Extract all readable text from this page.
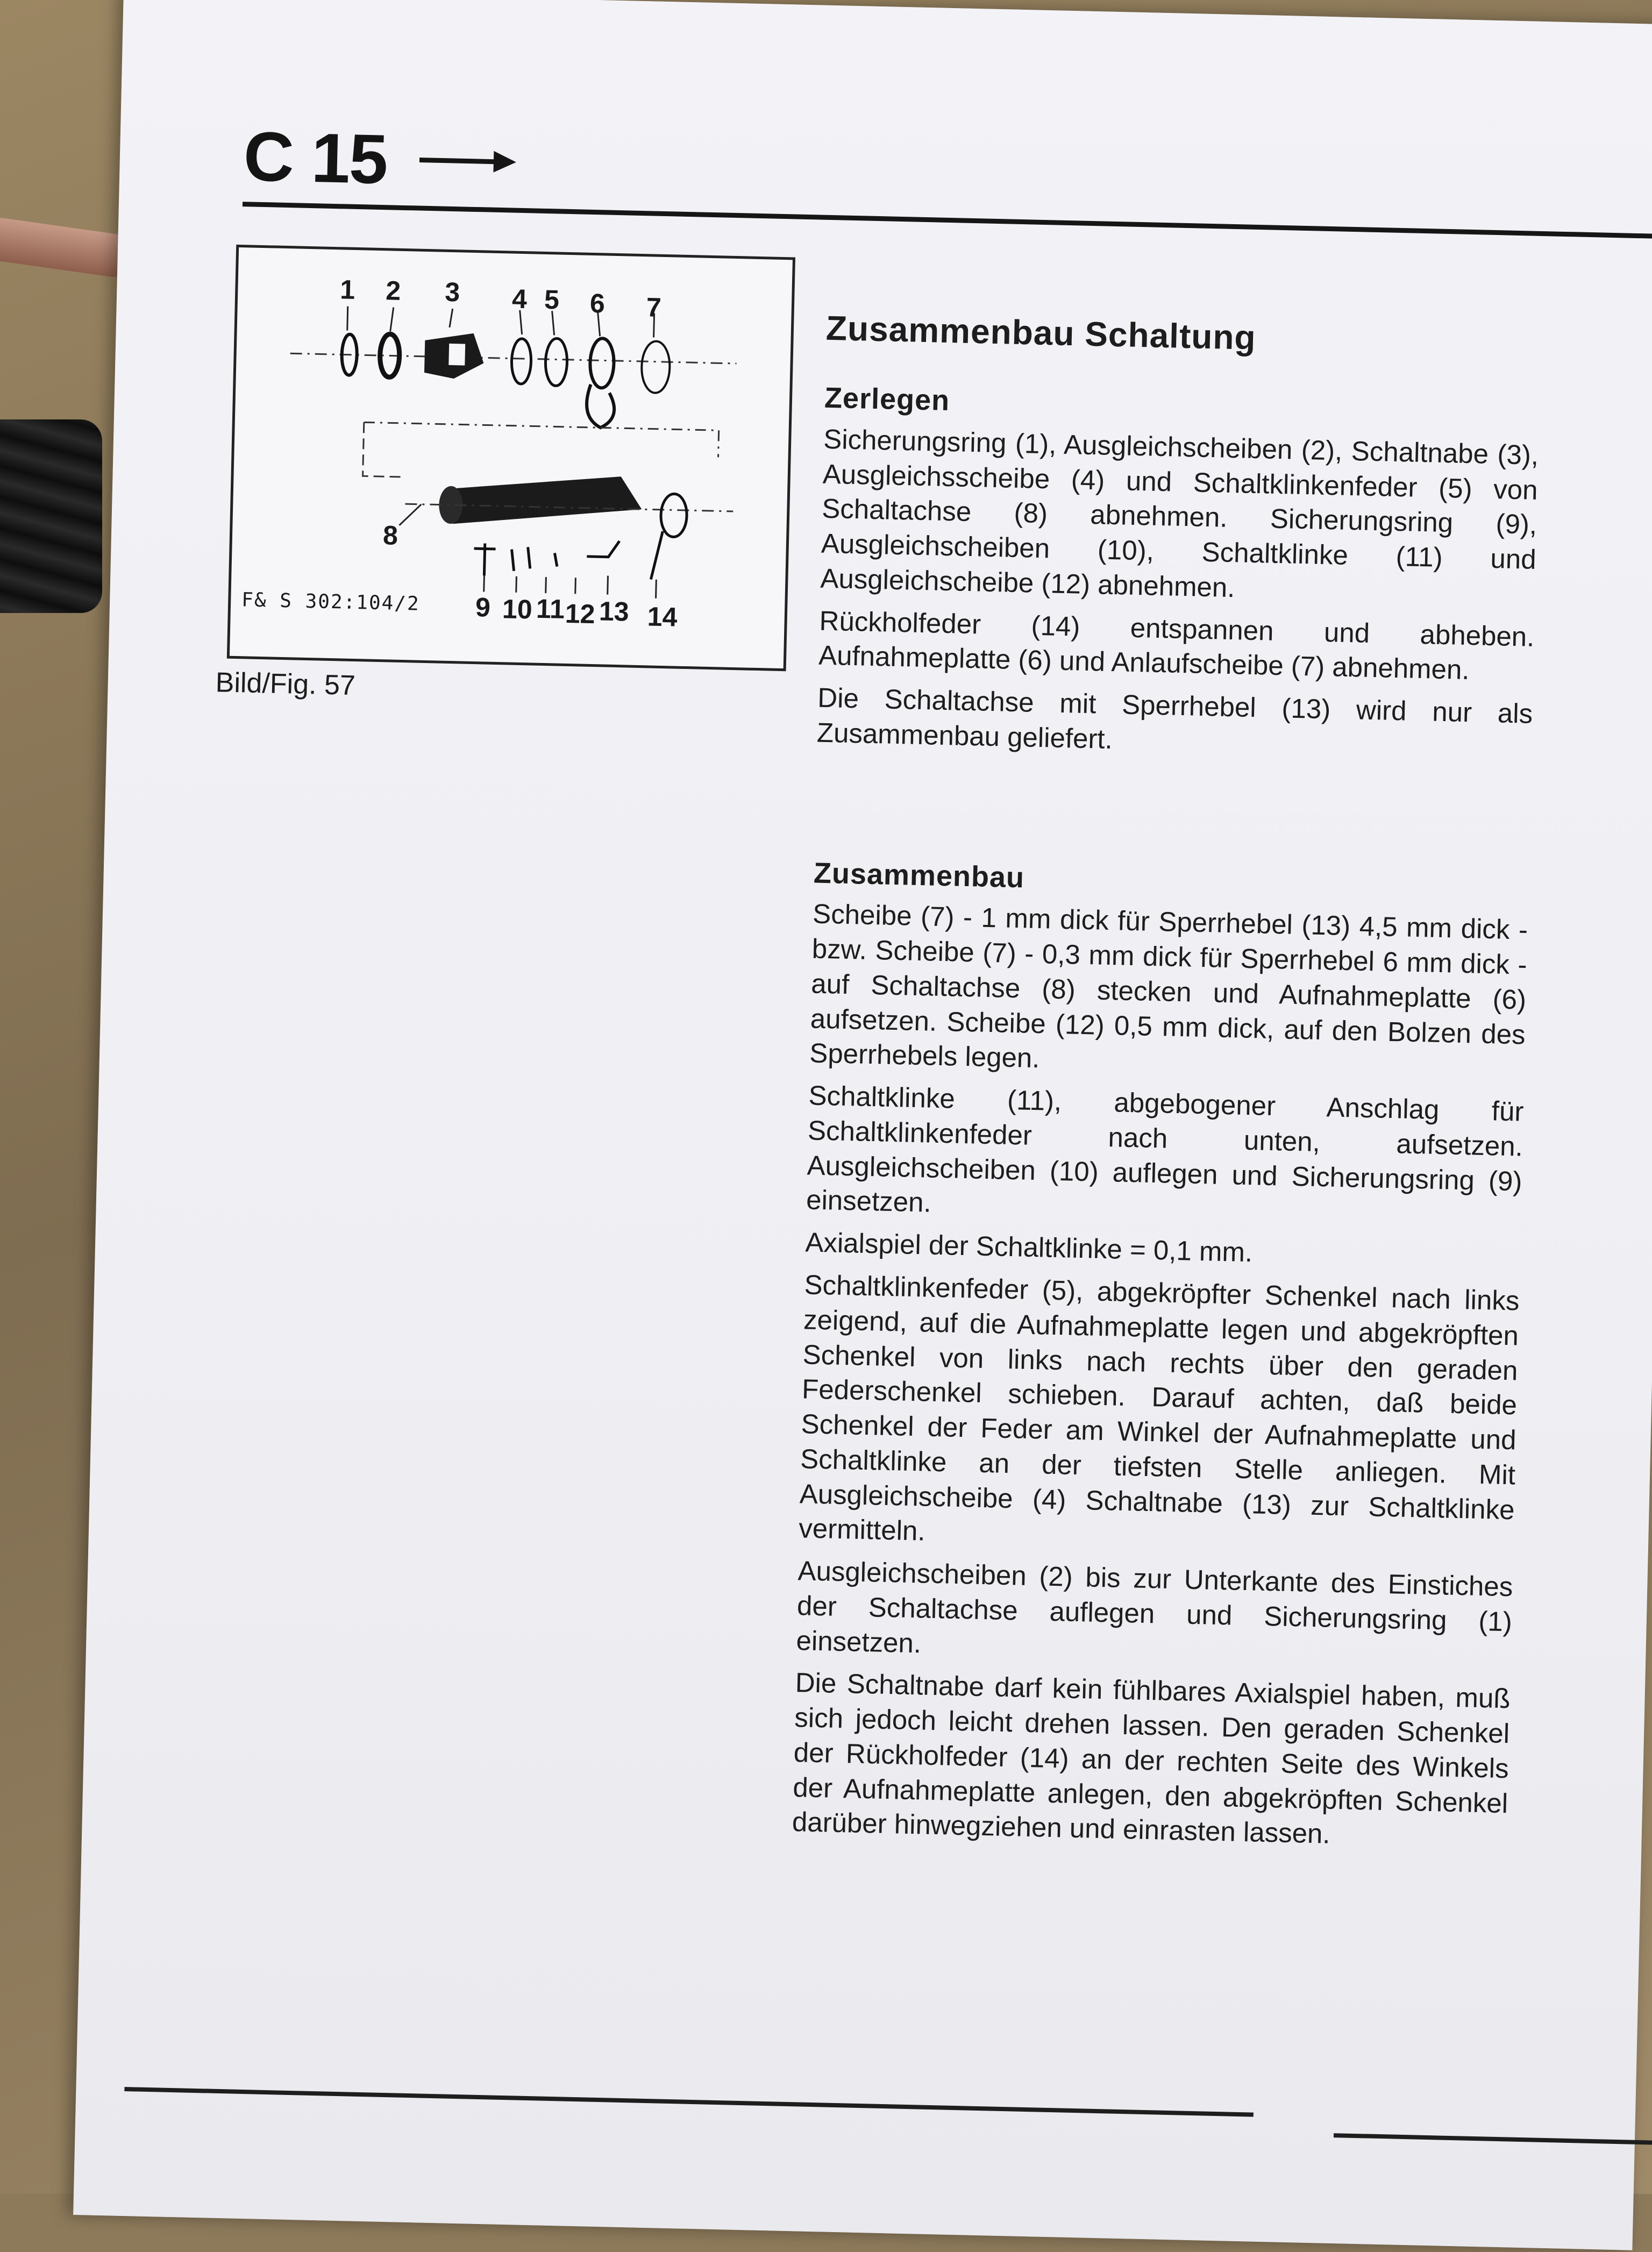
C 15
1 2 3 4 5 6 7
8
9 10 11 12 13 14
F& S 302:104/2
Bild/Fig. 57
Zusammenbau Schaltung
Zerlegen

Sicherungsring (1), Ausgleichscheiben (2), Schaltnabe (3), Ausgleichsscheibe (4) und Schaltklinkenfeder (5) von Schaltachse (8) abnehmen. Sicherungsring (9), Ausgleichscheiben (10), Schaltklinke (11) und Ausgleichscheibe (12) abnehmen.

Rückholfeder (14) entspannen und abheben. Aufnahmeplatte (6) und Anlaufscheibe (7) abnehmen.

Die Schaltachse mit Sperrhebel (13) wird nur als Zusammenbau geliefert.

Zusammenbau

Scheibe (7) - 1 mm dick für Sperrhebel (13) 4,5 mm dick - bzw. Scheibe (7) - 0,3 mm dick für Sperrhebel 6 mm dick - auf Schaltachse (8) stecken und Aufnahmeplatte (6) aufsetzen. Scheibe (12) 0,5 mm dick, auf den Bolzen des Sperrhebels legen.

Schaltklinke (11), abgebogener Anschlag für Schaltklinkenfeder nach unten, aufsetzen. Ausgleichscheiben (10) auflegen und Sicherungsring (9) einsetzen.

Axialspiel der Schaltklinke = 0,1 mm.

Schaltklinkenfeder (5), abgekröpfter Schenkel nach links zeigend, auf die Aufnahmeplatte legen und abgekröpften Schenkel von links nach rechts über den geraden Federschenkel schieben. Darauf achten, daß beide Schenkel der Feder am Winkel der Aufnahmeplatte und Schaltklinke an der tiefsten Stelle anliegen. Mit Ausgleichscheibe (4) Schaltnabe (13) zur Schaltklinke vermitteln.

Ausgleichscheiben (2) bis zur Unterkante des Einstiches der Schaltachse auflegen und Sicherungsring (1) einsetzen.

Die Schaltnabe darf kein fühlbares Axialspiel haben, muß sich jedoch leicht drehen lassen. Den geraden Schenkel der Rückholfeder (14) an der rechten Seite des Winkels der Aufnahmeplatte anlegen, den abgekröpften Schenkel darüber hinwegziehen und einrasten lassen.
